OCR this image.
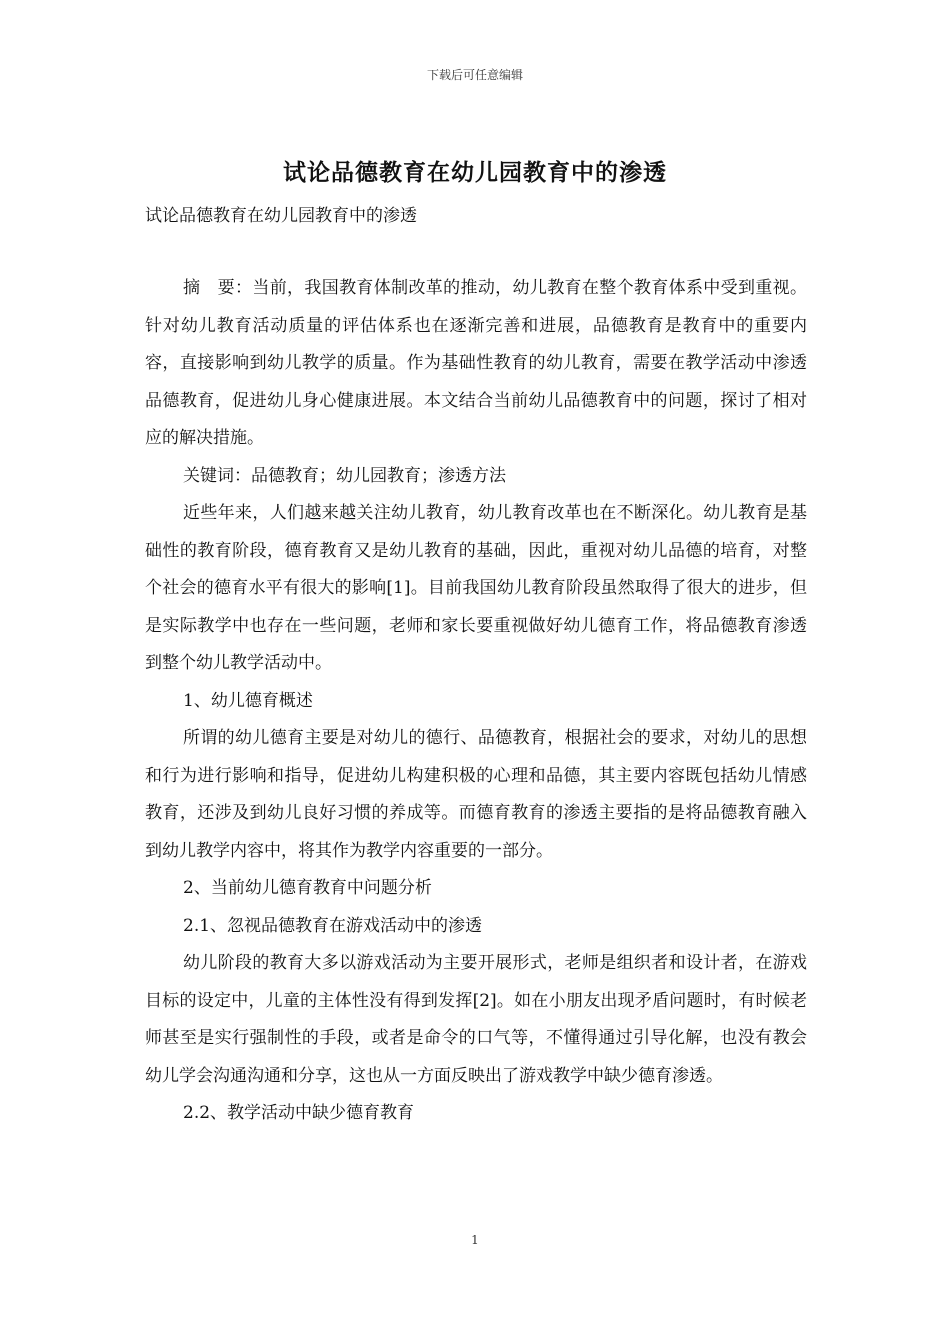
下载后可任意编辑
试论品德教育在幼儿园教育中的渗透
试论品德教育在幼儿园教育中的渗透

摘　要：当前，我国教育体制改革的推动，幼儿教育在整个教育体系中受到重视。针对幼儿教育活动质量的评估体系也在逐渐完善和进展，品德教育是教育中的重要内容，直接影响到幼儿教学的质量。作为基础性教育的幼儿教育，需要在教学活动中渗透品德教育，促进幼儿身心健康进展。本文结合当前幼儿品德教育中的问题，探讨了相对应的解决措施。

关键词：品德教育；幼儿园教育；渗透方法

近些年来，人们越来越关注幼儿教育，幼儿教育改革也在不断深化。幼儿教育是基础性的教育阶段，德育教育又是幼儿教育的基础，因此，重视对幼儿品德的培育，对整个社会的德育水平有很大的影响[1]。目前我国幼儿教育阶段虽然取得了很大的进步，但是实际教学中也存在一些问题，老师和家长要重视做好幼儿德育工作，将品德教育渗透到整个幼儿教学活动中。

1、幼儿德育概述

所谓的幼儿德育主要是对幼儿的德行、品德教育，根据社会的要求，对幼儿的思想和行为进行影响和指导，促进幼儿构建积极的心理和品德，其主要内容既包括幼儿情感教育，还涉及到幼儿良好习惯的养成等。而德育教育的渗透主要指的是将品德教育融入到幼儿教学内容中，将其作为教学内容重要的一部分。

2、当前幼儿德育教育中问题分析

2.1、忽视品德教育在游戏活动中的渗透

幼儿阶段的教育大多以游戏活动为主要开展形式，老师是组织者和设计者，在游戏目标的设定中，儿童的主体性没有得到发挥[2]。如在小朋友出现矛盾问题时，有时候老师甚至是实行强制性的手段，或者是命令的口气等，不懂得通过引导化解，也没有教会幼儿学会沟通沟通和分享，这也从一方面反映出了游戏教学中缺少德育渗透。

2.2、教学活动中缺少德育教育

1
